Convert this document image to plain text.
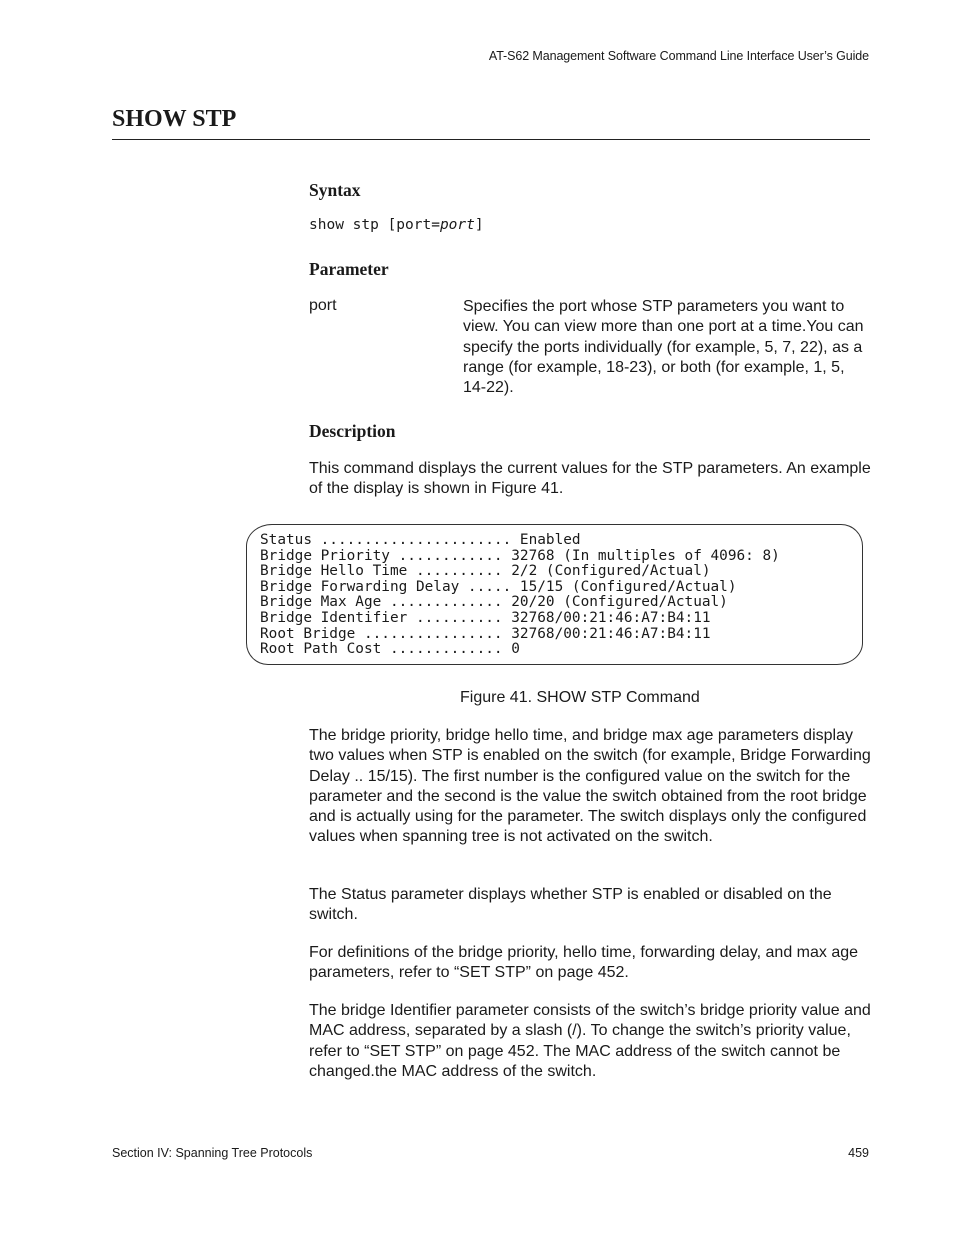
AT-S62 Management Software Command Line Interface User’s Guide
SHOW STP
Syntax
show stp [port=port]
Parameter
port	Specifies the port whose STP parameters you want to view. You can view more than one port at a time.You can specify the ports individually (for example, 5, 7, 22), as a range (for example, 18-23), or both (for example, 1, 5, 14-22).

Description

This command displays the current values for the STP parameters. An example of the display is shown in Figure 41.

Status ...................... Enabled
Bridge Priority ............ 32768 (In multiples of 4096: 8)
Bridge Hello Time .......... 2/2 (Configured/Actual)
Bridge Forwarding Delay ..... 15/15 (Configured/Actual)
Bridge Max Age ............. 20/20 (Configured/Actual)
Bridge Identifier .......... 32768/00:21:46:A7:B4:11
Root Bridge ................ 32768/00:21:46:A7:B4:11
Root Path Cost ............. 0
Figure 41. SHOW STP Command

The bridge priority, bridge hello time, and bridge max age parameters display two values when STP is enabled on the switch (for example, Bridge Forwarding Delay .. 15/15). The first number is the configured value on the switch for the parameter and the second is the value the switch obtained from the root bridge and is actually using for the parameter. The switch displays only the configured values when spanning tree is not activated on the switch.

The Status parameter displays whether STP is enabled or disabled on the switch.

For definitions of the bridge priority, hello time, forwarding delay, and max age parameters, refer to “SET STP” on page 452.

The bridge Identifier parameter consists of the switch’s bridge priority value and MAC address, separated by a slash (/). To change the switch’s priority value, refer to “SET STP” on page 452. The MAC address of the switch cannot be changed.the MAC address of the switch.

Section IV: Spanning Tree Protocols	459
